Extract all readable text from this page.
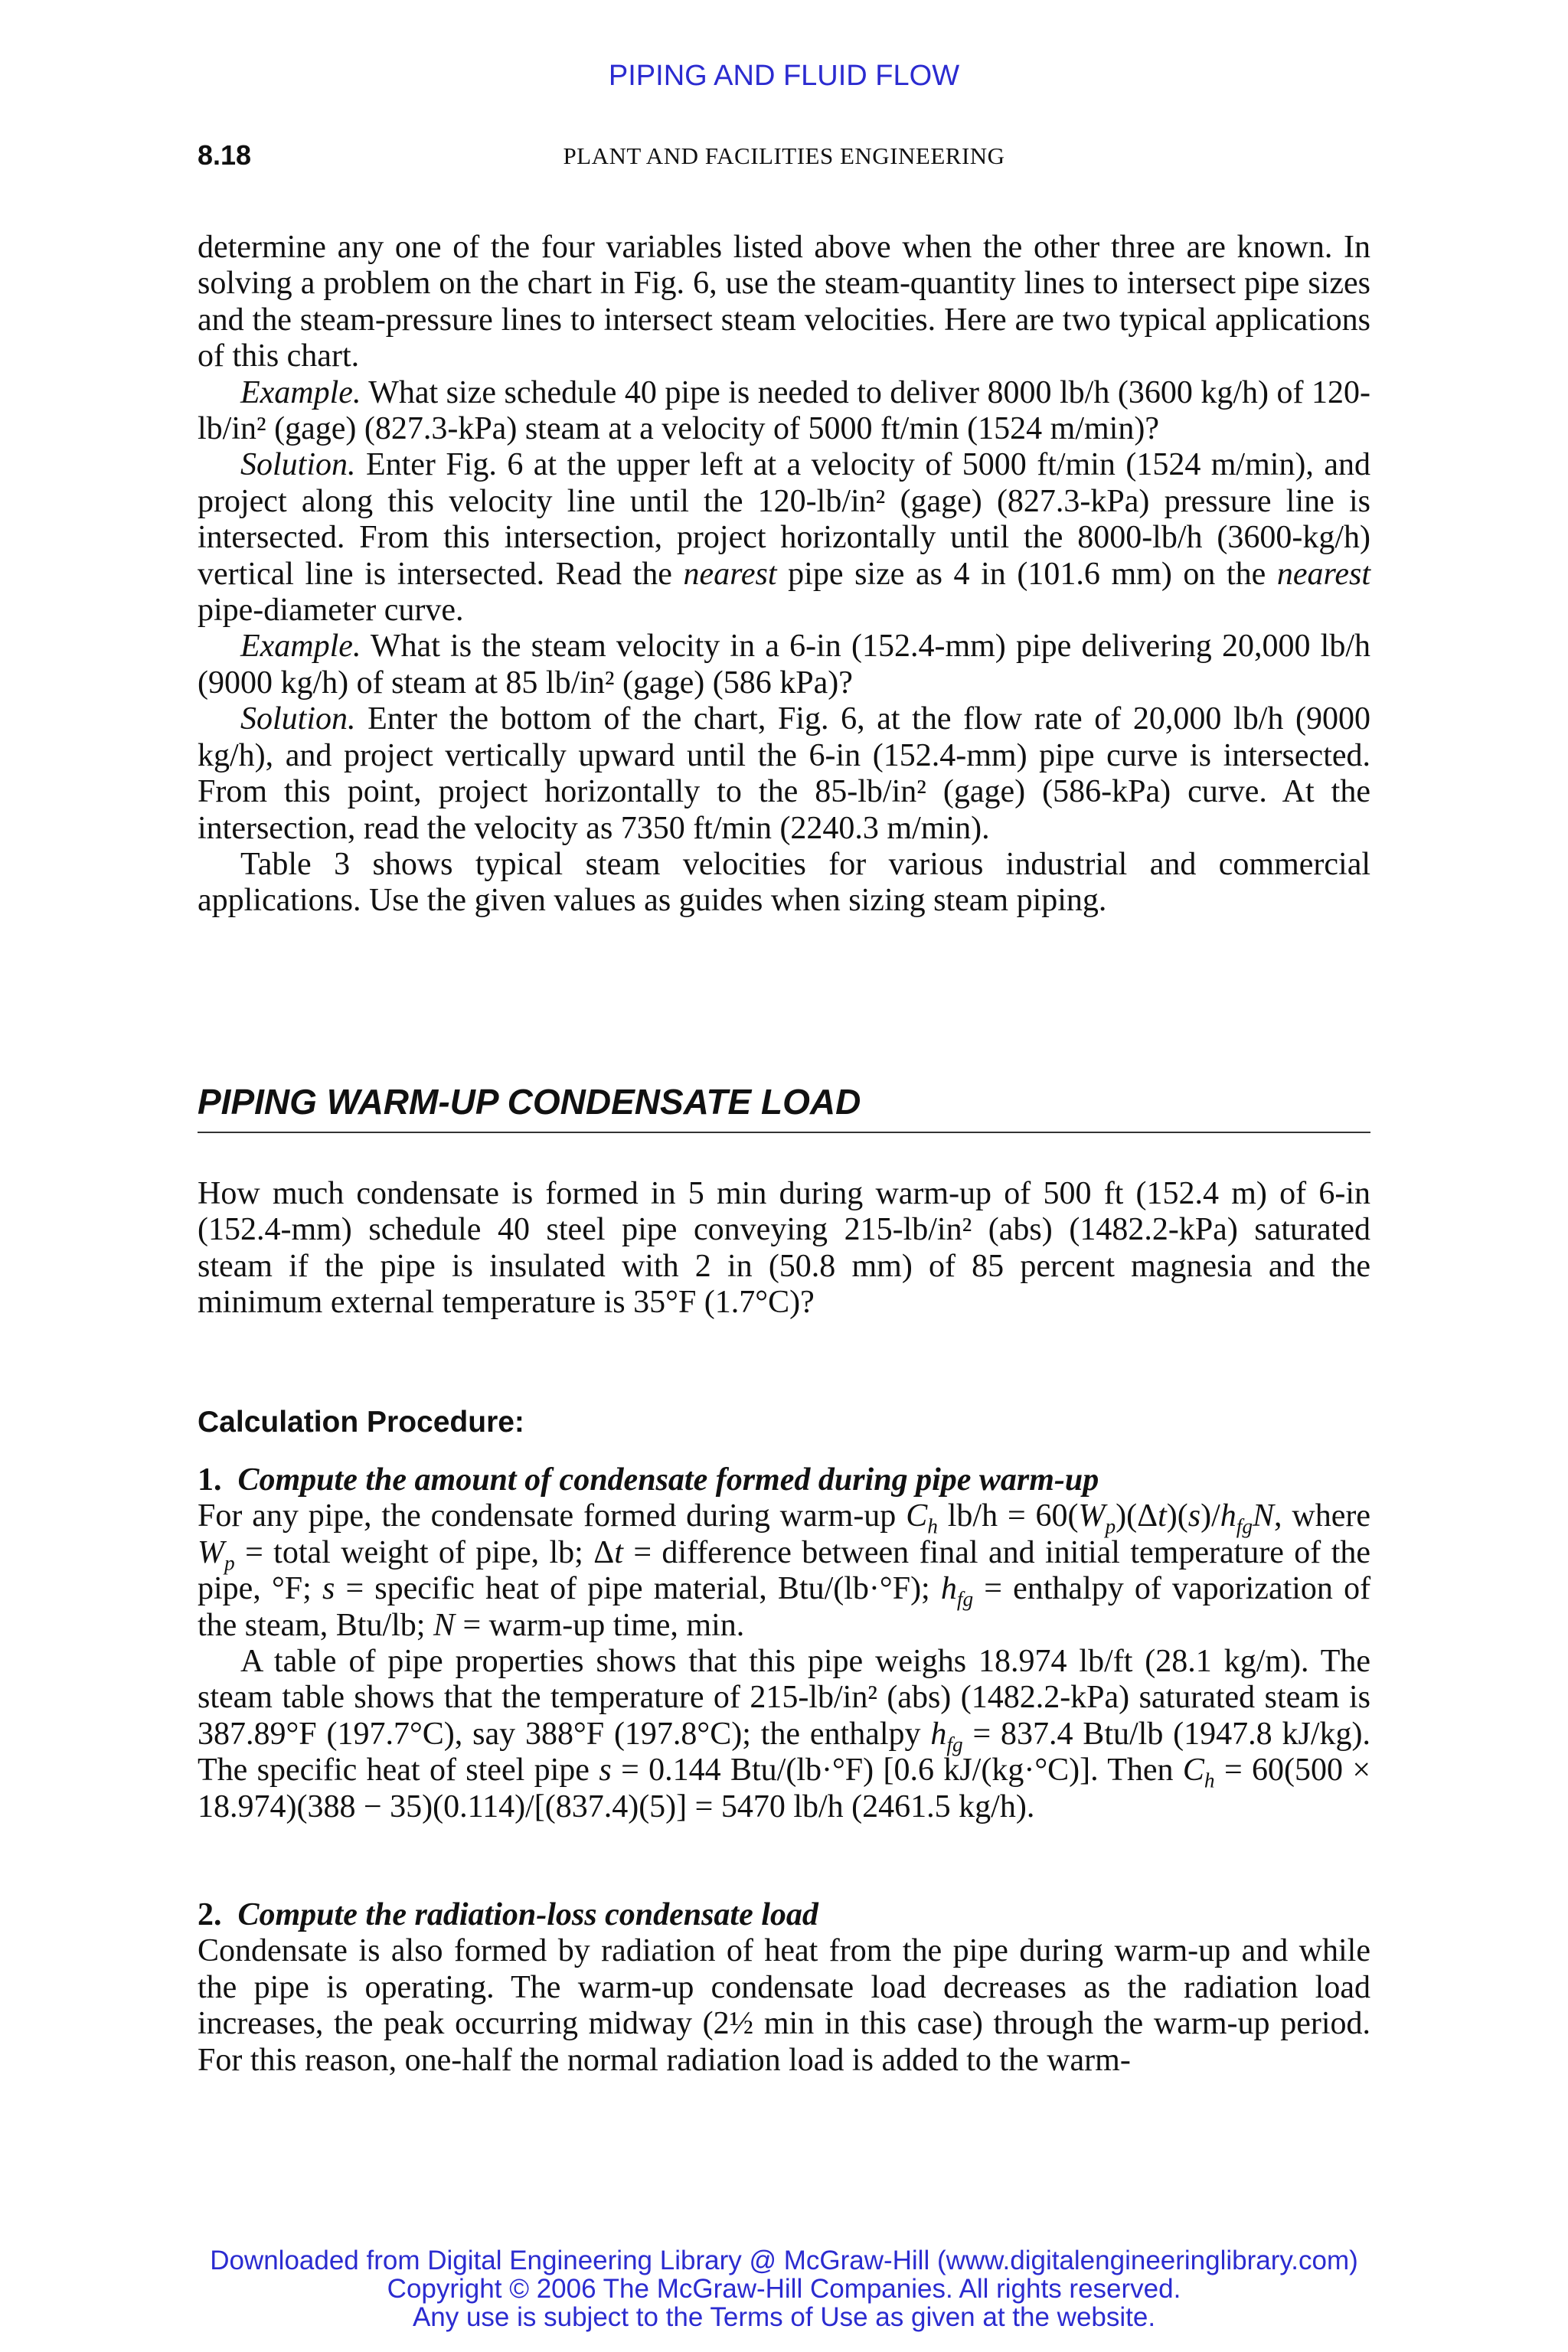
PIPING AND FLUID FLOW
8.18	PLANT AND FACILITIES ENGINEERING

determine any one of the four variables listed above when the other three are known. In solving a problem on the chart in Fig. 6, use the steam-quantity lines to intersect pipe sizes and the steam-pressure lines to intersect steam velocities. Here are two typical applications of this chart.

Example. What size schedule 40 pipe is needed to deliver 8000 lb/h (3600 kg/h) of 120-lb/in² (gage) (827.3-kPa) steam at a velocity of 5000 ft/min (1524 m/min)?

Solution. Enter Fig. 6 at the upper left at a velocity of 5000 ft/min (1524 m/min), and project along this velocity line until the 120-lb/in² (gage) (827.3-kPa) pressure line is intersected. From this intersection, project horizontally until the 8000-lb/h (3600-kg/h) vertical line is intersected. Read the nearest pipe size as 4 in (101.6 mm) on the nearest pipe-diameter curve.

Example. What is the steam velocity in a 6-in (152.4-mm) pipe delivering 20,000 lb/h (9000 kg/h) of steam at 85 lb/in² (gage) (586 kPa)?

Solution. Enter the bottom of the chart, Fig. 6, at the flow rate of 20,000 lb/h (9000 kg/h), and project vertically upward until the 6-in (152.4-mm) pipe curve is intersected. From this point, project horizontally to the 85-lb/in² (gage) (586-kPa) curve. At the intersection, read the velocity as 7350 ft/min (2240.3 m/min).

Table 3 shows typical steam velocities for various industrial and commercial applications. Use the given values as guides when sizing steam piping.

PIPING WARM-UP CONDENSATE LOAD

How much condensate is formed in 5 min during warm-up of 500 ft (152.4 m) of 6-in (152.4-mm) schedule 40 steel pipe conveying 215-lb/in² (abs) (1482.2-kPa) saturated steam if the pipe is insulated with 2 in (50.8 mm) of 85 percent magnesia and the minimum external temperature is 35°F (1.7°C)?

Calculation Procedure:

1. Compute the amount of condensate formed during pipe warm-up

For any pipe, the condensate formed during warm-up $C_h$ $lb/h = 60(W_p)(\Delta t)(s)/h_{fg}N$, where $W_p$ = total weight of pipe, lb; Δt = difference between final and initial temperature of the pipe, °F; s = specific heat of pipe material, Btu/(lb·°F); $h_{fg}$ = enthalpy of vaporization of the steam, Btu/lb; N = warm-up time, min.

A table of pipe properties shows that this pipe weighs 18.974 lb/ft (28.1 kg/m). The steam table shows that the temperature of 215-lb/in² (abs) (1482.2-kPa) saturated steam is 387.89°F (197.7°C), say 388°F (197.8°C); the enthalpy $h_{fg} = 837.4$ Btu/lb (1947.8 kJ/kg). The specific heat of steel pipe s = 0.144 Btu/(lb·°F) [0.6 kJ/(kg·°C)]. Then $C_h = 60(500 \times 18.974)(388 - 35)(0.114)/[(837.4)(5)] = 5470$ lb/h (2461.5 kg/h).

2. Compute the radiation-loss condensate load

Condensate is also formed by radiation of heat from the pipe during warm-up and while the pipe is operating. The warm-up condensate load decreases as the radiation load increases, the peak occurring midway (2½ min in this case) through the warm-up period. For this reason, one-half the normal radiation load is added to the warm-

Downloaded from Digital Engineering Library @ McGraw-Hill (www.digitalengineeringlibrary.com)
Copyright © 2006 The McGraw-Hill Companies. All rights reserved.
Any use is subject to the Terms of Use as given at the website.
